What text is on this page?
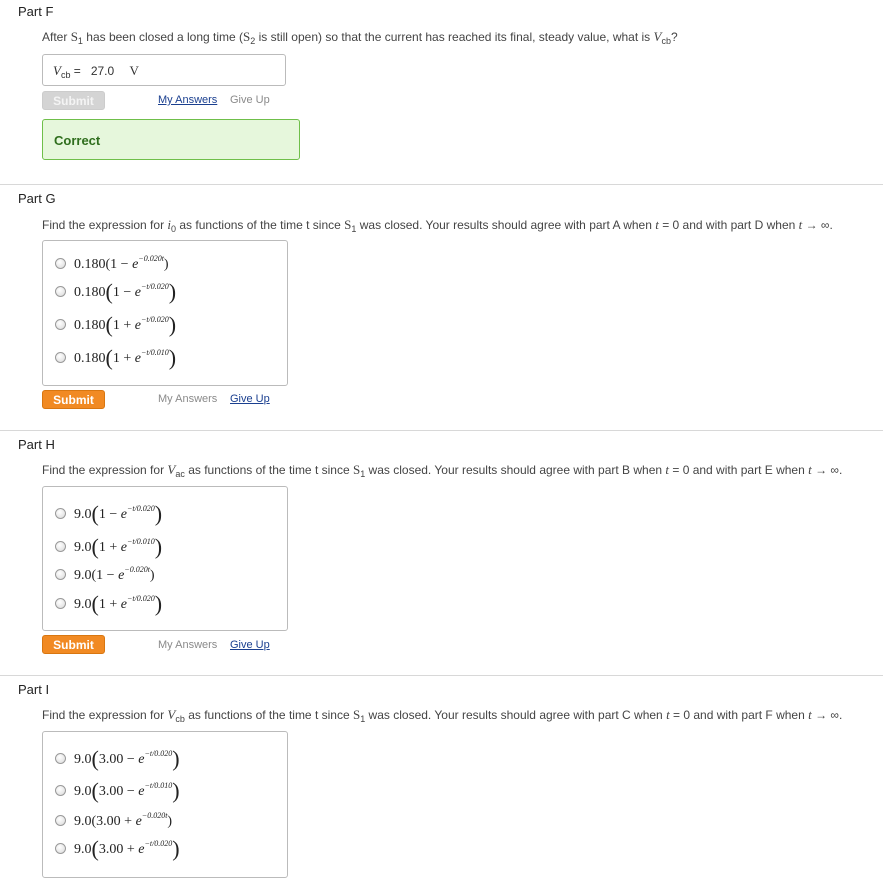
Part F
After $S_1$ has been closed a long time ($S_2$ is still open) so that the current has reached its final, steady value, what is $V_{cb}$?
$V_{cb} = 27.0$ V
Submit	My Answers Give Up
Correct
Part G
Find the expression for $i_0$ as functions of the time t since $S_1$ was closed. Your results should agree with part A when t = 0 and with part D when t → ∞.
$0.180(1 - e^{-0.020t})$
$0.180(1 - e^{-t/0.020})$
$0.180(1 + e^{-t/0.020})$
$0.180(1 + e^{-t/0.010})$
Submit	My Answers Give Up
Part H
Find the expression for $V_{ac}$ as functions of the time t since $S_1$ was closed. Your results should agree with part B when t = 0 and with part E when t → ∞.
$9.0(1 - e^{-t/0.020})$
$9.0(1 + e^{-t/0.010})$
$9.0(1 - e^{-0.020t})$
$9.0(1 + e^{-t/0.020})$
Submit	My Answers Give Up
Part I
Find the expression for $V_{cb}$ as functions of the time t since $S_1$ was closed. Your results should agree with part C when t = 0 and with part F when t → ∞.
$9.0(3.00 - e^{-t/0.020})$
$9.0(3.00 - e^{-t/0.010})$
$9.0(3.00 + e^{-0.020t})$
$9.0(3.00 + e^{-t/0.020})$
